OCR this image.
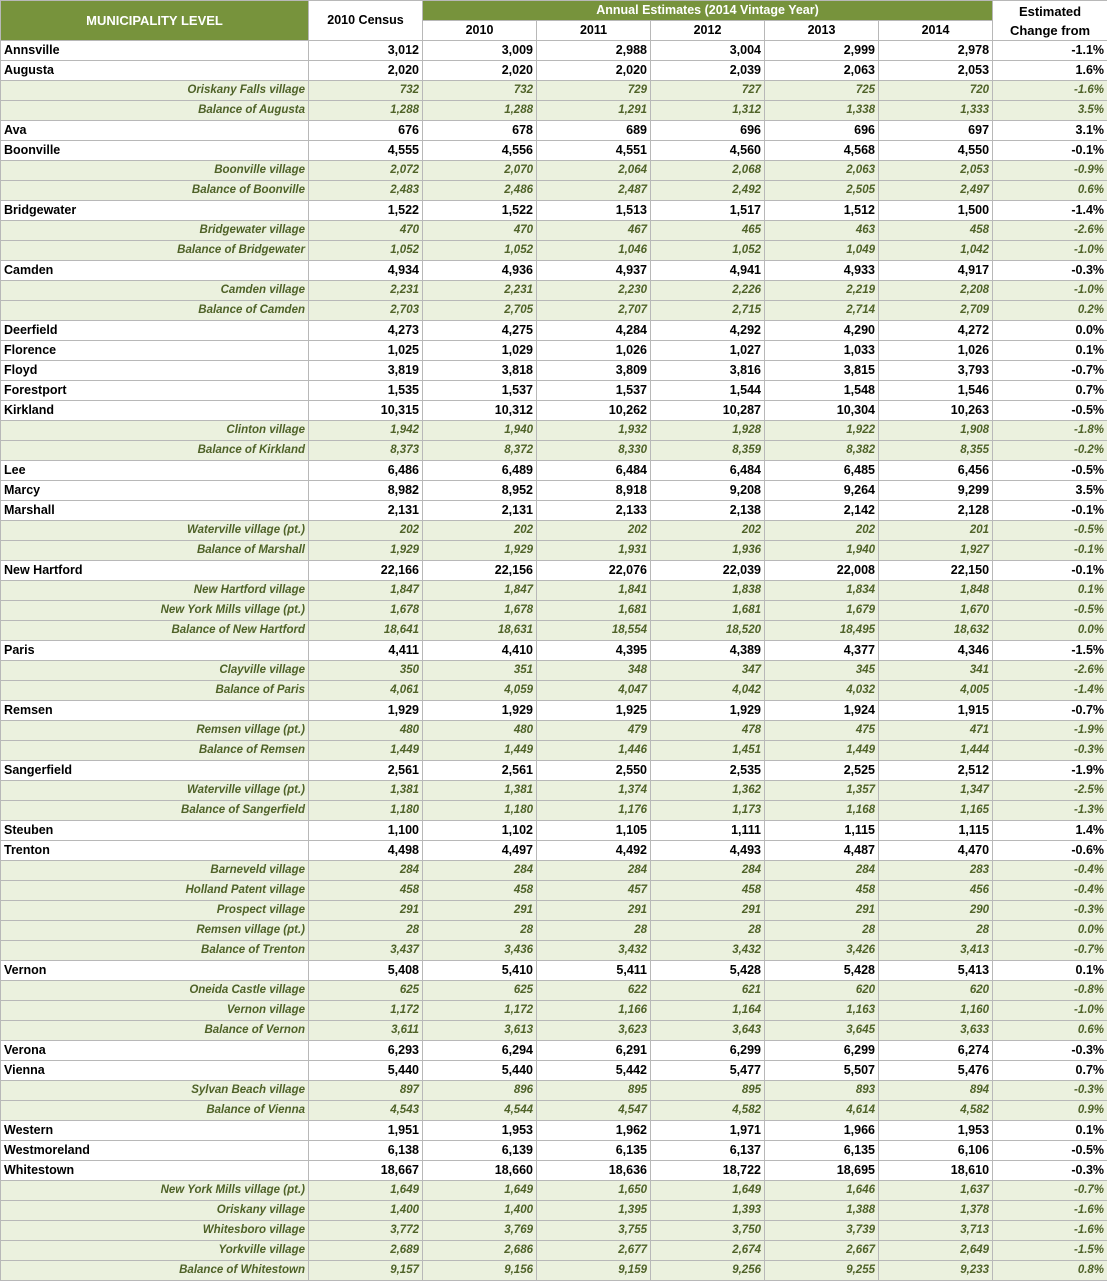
MUNICIPALITY LEVEL	2010 Census	Annual Estimates (2014 Vintage Year)					Estimated Change from
		2010	2011	2012	2013	2014	
Annsville	3,012	3,009	2,988	3,004	2,999	2,978	-1.1%
Augusta	2,020	2,020	2,020	2,039	2,063	2,053	1.6%
Oriskany Falls village	732	732	729	727	725	720	-1.6%
Balance of Augusta	1,288	1,288	1,291	1,312	1,338	1,333	3.5%
Ava	676	678	689	696	696	697	3.1%
Boonville	4,555	4,556	4,551	4,560	4,568	4,550	-0.1%
Boonville village	2,072	2,070	2,064	2,068	2,063	2,053	-0.9%
Balance of Boonville	2,483	2,486	2,487	2,492	2,505	2,497	0.6%
Bridgewater	1,522	1,522	1,513	1,517	1,512	1,500	-1.4%
Bridgewater village	470	470	467	465	463	458	-2.6%
Balance of Bridgewater	1,052	1,052	1,046	1,052	1,049	1,042	-1.0%
Camden	4,934	4,936	4,937	4,941	4,933	4,917	-0.3%
Camden village	2,231	2,231	2,230	2,226	2,219	2,208	-1.0%
Balance of Camden	2,703	2,705	2,707	2,715	2,714	2,709	0.2%
Deerfield	4,273	4,275	4,284	4,292	4,290	4,272	0.0%
Florence	1,025	1,029	1,026	1,027	1,033	1,026	0.1%
Floyd	3,819	3,818	3,809	3,816	3,815	3,793	-0.7%
Forestport	1,535	1,537	1,537	1,544	1,548	1,546	0.7%
Kirkland	10,315	10,312	10,262	10,287	10,304	10,263	-0.5%
Clinton village	1,942	1,940	1,932	1,928	1,922	1,908	-1.8%
Balance of Kirkland	8,373	8,372	8,330	8,359	8,382	8,355	-0.2%
Lee	6,486	6,489	6,484	6,484	6,485	6,456	-0.5%
Marcy	8,982	8,952	8,918	9,208	9,264	9,299	3.5%
Marshall	2,131	2,131	2,133	2,138	2,142	2,128	-0.1%
Waterville village (pt.)	202	202	202	202	202	201	-0.5%
Balance of Marshall	1,929	1,929	1,931	1,936	1,940	1,927	-0.1%
New Hartford	22,166	22,156	22,076	22,039	22,008	22,150	-0.1%
New Hartford village	1,847	1,847	1,841	1,838	1,834	1,848	0.1%
New York Mills village (pt.)	1,678	1,678	1,681	1,681	1,679	1,670	-0.5%
Balance of New Hartford	18,641	18,631	18,554	18,520	18,495	18,632	0.0%
Paris	4,411	4,410	4,395	4,389	4,377	4,346	-1.5%
Clayville village	350	351	348	347	345	341	-2.6%
Balance of Paris	4,061	4,059	4,047	4,042	4,032	4,005	-1.4%
Remsen	1,929	1,929	1,925	1,929	1,924	1,915	-0.7%
Remsen village (pt.)	480	480	479	478	475	471	-1.9%
Balance of Remsen	1,449	1,449	1,446	1,451	1,449	1,444	-0.3%
Sangerfield	2,561	2,561	2,550	2,535	2,525	2,512	-1.9%
Waterville village (pt.)	1,381	1,381	1,374	1,362	1,357	1,347	-2.5%
Balance of Sangerfield	1,180	1,180	1,176	1,173	1,168	1,165	-1.3%
Steuben	1,100	1,102	1,105	1,111	1,115	1,115	1.4%
Trenton	4,498	4,497	4,492	4,493	4,487	4,470	-0.6%
Barneveld village	284	284	284	284	284	283	-0.4%
Holland Patent village	458	458	457	458	458	456	-0.4%
Prospect village	291	291	291	291	291	290	-0.3%
Remsen village (pt.)	28	28	28	28	28	28	0.0%
Balance of Trenton	3,437	3,436	3,432	3,432	3,426	3,413	-0.7%
Vernon	5,408	5,410	5,411	5,428	5,428	5,413	0.1%
Oneida Castle village	625	625	622	621	620	620	-0.8%
Vernon village	1,172	1,172	1,166	1,164	1,163	1,160	-1.0%
Balance of Vernon	3,611	3,613	3,623	3,643	3,645	3,633	0.6%
Verona	6,293	6,294	6,291	6,299	6,299	6,274	-0.3%
Vienna	5,440	5,440	5,442	5,477	5,507	5,476	0.7%
Sylvan Beach village	897	896	895	895	893	894	-0.3%
Balance of Vienna	4,543	4,544	4,547	4,582	4,614	4,582	0.9%
Western	1,951	1,953	1,962	1,971	1,966	1,953	0.1%
Westmoreland	6,138	6,139	6,135	6,137	6,135	6,106	-0.5%
Whitestown	18,667	18,660	18,636	18,722	18,695	18,610	-0.3%
New York Mills village (pt.)	1,649	1,649	1,650	1,649	1,646	1,637	-0.7%
Oriskany village	1,400	1,400	1,395	1,393	1,388	1,378	-1.6%
Whitesboro village	3,772	3,769	3,755	3,750	3,739	3,713	-1.6%
Yorkville village	2,689	2,686	2,677	2,674	2,667	2,649	-1.5%
Balance of Whitestown	9,157	9,156	9,159	9,256	9,255	9,233	0.8%
